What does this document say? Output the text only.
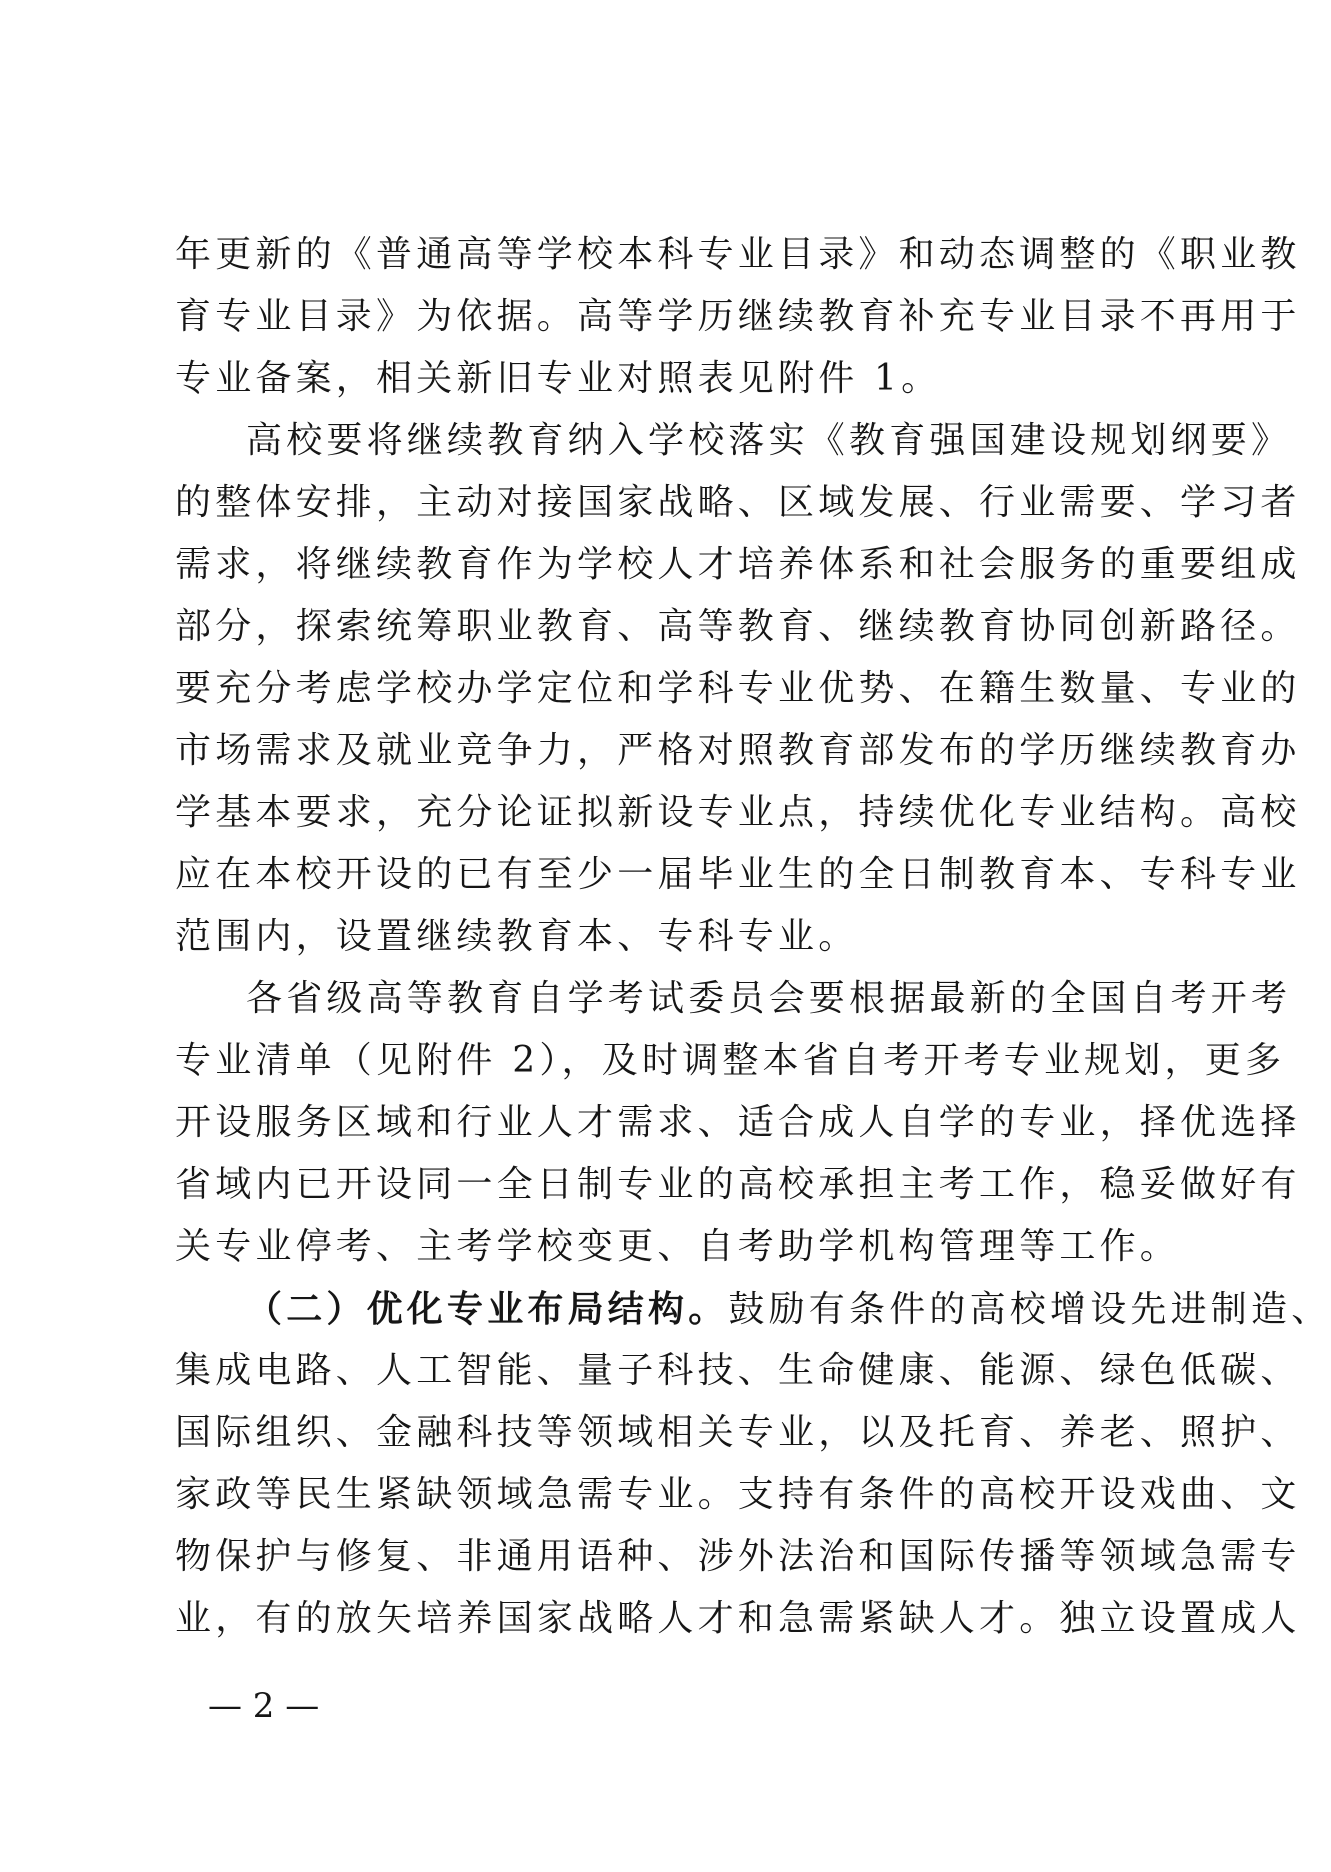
年更新的《普通高等学校本科专业目录》和动态调整的《职业教
育专业目录》为依据。高等学历继续教育补充专业目录不再用于
专业备案，相关新旧专业对照表见附件 1。
高校要将继续教育纳入学校落实《教育强国建设规划纲要》
的整体安排，主动对接国家战略、区域发展、行业需要、学习者
需求，将继续教育作为学校人才培养体系和社会服务的重要组成
部分，探索统筹职业教育、高等教育、继续教育协同创新路径。
要充分考虑学校办学定位和学科专业优势、在籍生数量、专业的
市场需求及就业竞争力，严格对照教育部发布的学历继续教育办
学基本要求，充分论证拟新设专业点，持续优化专业结构。高校
应在本校开设的已有至少一届毕业生的全日制教育本、专科专业
范围内，设置继续教育本、专科专业。
各省级高等教育自学考试委员会要根据最新的全国自考开考
专业清单（见附件 2），及时调整本省自考开考专业规划，更多
开设服务区域和行业人才需求、适合成人自学的专业，择优选择
省域内已开设同一全日制专业的高校承担主考工作，稳妥做好有
关专业停考、主考学校变更、自考助学机构管理等工作。
（二）优化专业布局结构。鼓励有条件的高校增设先进制造、
集成电路、人工智能、量子科技、生命健康、能源、绿色低碳、
国际组织、金融科技等领域相关专业，以及托育、养老、照护、
家政等民生紧缺领域急需专业。支持有条件的高校开设戏曲、文
物保护与修复、非通用语种、涉外法治和国际传播等领域急需专
业，有的放矢培养国家战略人才和急需紧缺人才。独立设置成人
— 2 —
